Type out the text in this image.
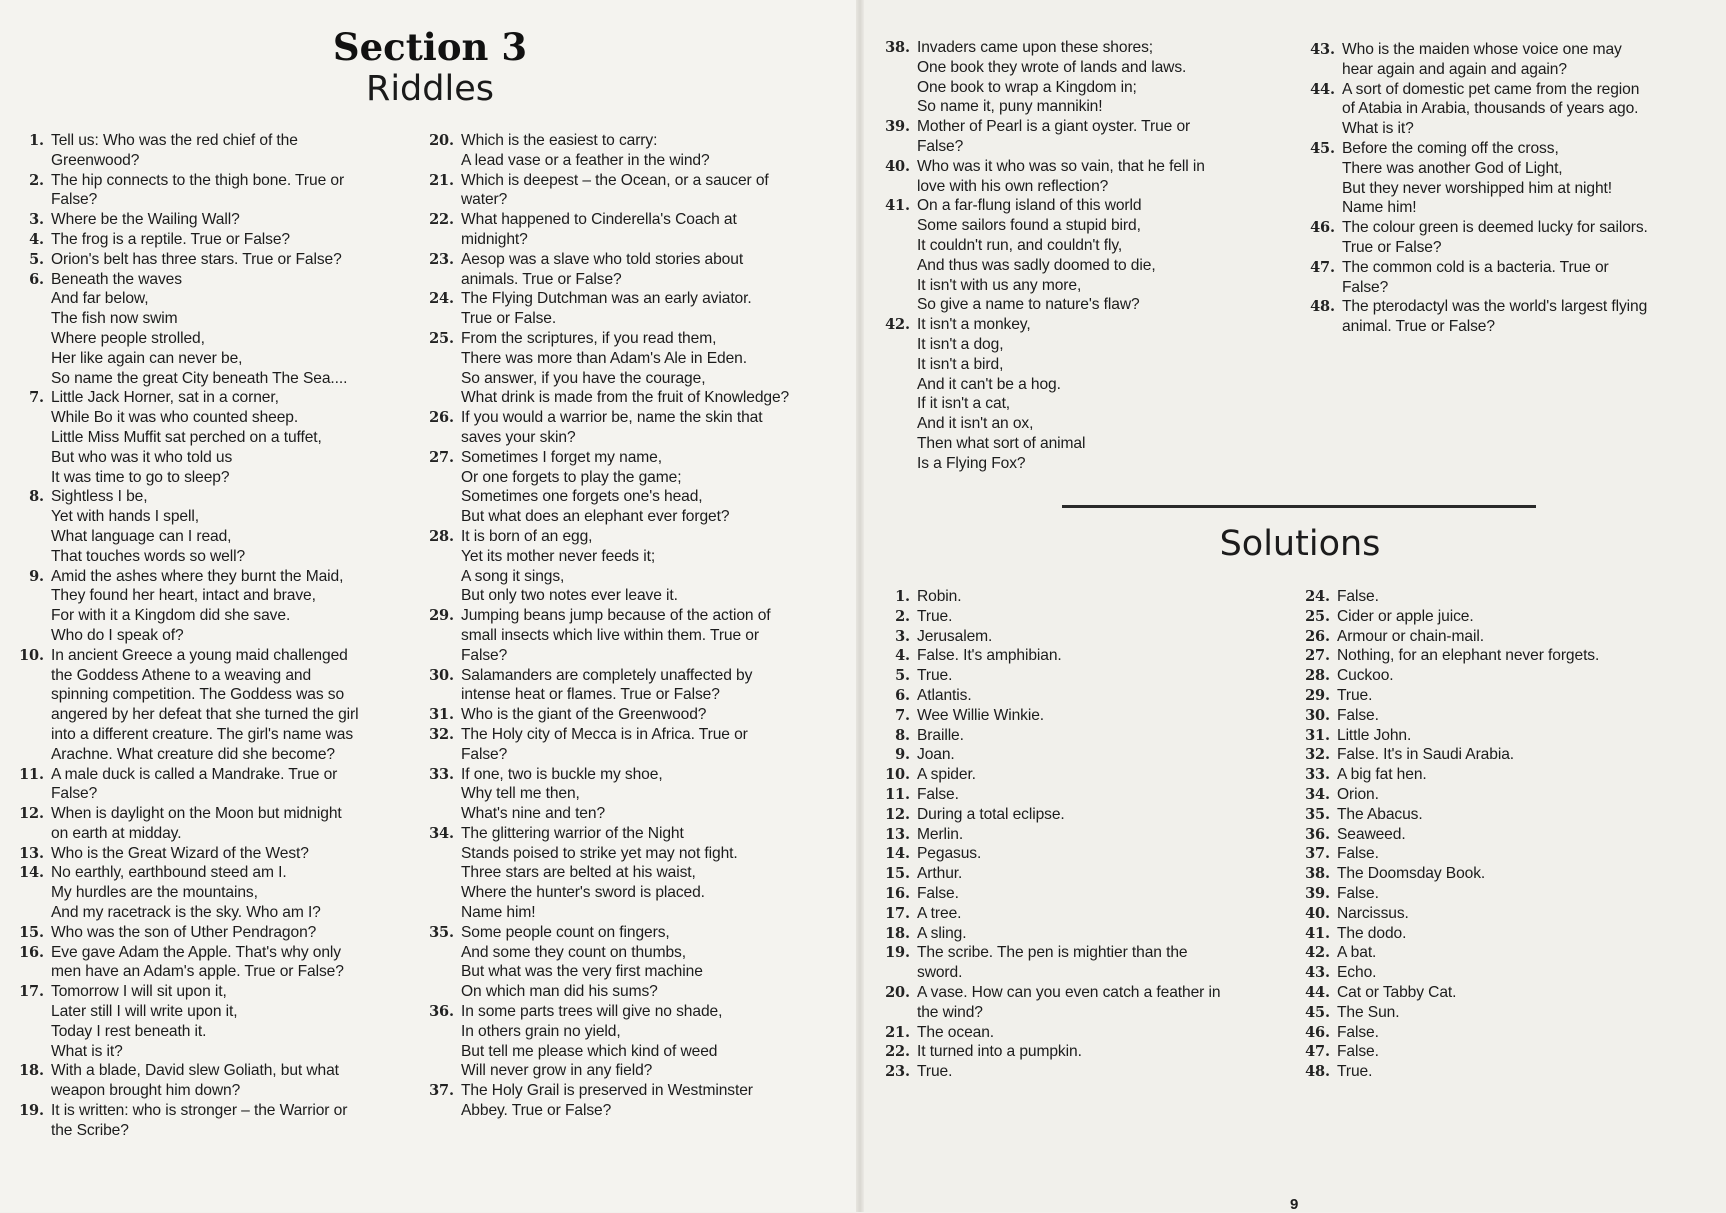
Section 3
Riddles
1. Tell us: Who was the red chief of the
Greenwood?
2. The hip connects to the thigh bone. True or
False?
3. Where be the Wailing Wall?
4. The frog is a reptile. True or False?
5. Orion's belt has three stars. True or False?
6. Beneath the waves
And far below,
The fish now swim
Where people strolled,
Her like again can never be,
So name the great City beneath The Sea....
7. Little Jack Horner, sat in a corner,
While Bo it was who counted sheep.
Little Miss Muffit sat perched on a tuffet,
But who was it who told us
It was time to go to sleep?
8. Sightless I be,
Yet with hands I spell,
What language can I read,
That touches words so well?
9. Amid the ashes where they burnt the Maid,
They found her heart, intact and brave,
For with it a Kingdom did she save.
Who do I speak of?
10. In ancient Greece a young maid challenged
the Goddess Athene to a weaving and
spinning competition. The Goddess was so
angered by her defeat that she turned the girl
into a different creature. The girl's name was
Arachne. What creature did she become?
11. A male duck is called a Mandrake. True or
False?
12. When is daylight on the Moon but midnight
on earth at midday.
13. Who is the Great Wizard of the West?
14. No earthly, earthbound steed am I.
My hurdles are the mountains,
And my racetrack is the sky. Who am I?
15. Who was the son of Uther Pendragon?
16. Eve gave Adam the Apple. That's why only
men have an Adam's apple. True or False?
17. Tomorrow I will sit upon it,
Later still I will write upon it,
Today I rest beneath it.
What is it?
18. With a blade, David slew Goliath, but what
weapon brought him down?
19. It is written: who is stronger – the Warrior or
the Scribe?
20. Which is the easiest to carry:
A lead vase or a feather in the wind?
21. Which is deepest – the Ocean, or a saucer of
water?
22. What happened to Cinderella's Coach at
midnight?
23. Aesop was a slave who told stories about
animals. True or False?
24. The Flying Dutchman was an early aviator.
True or False.
25. From the scriptures, if you read them,
There was more than Adam's Ale in Eden.
So answer, if you have the courage,
What drink is made from the fruit of Knowledge?
26. If you would a warrior be, name the skin that
saves your skin?
27. Sometimes I forget my name,
Or one forgets to play the game;
Sometimes one forgets one's head,
But what does an elephant ever forget?
28. It is born of an egg,
Yet its mother never feeds it;
A song it sings,
But only two notes ever leave it.
29. Jumping beans jump because of the action of
small insects which live within them. True or
False?
30. Salamanders are completely unaffected by
intense heat or flames. True or False?
31. Who is the giant of the Greenwood?
32. The Holy city of Mecca is in Africa. True or
False?
33. If one, two is buckle my shoe,
Why tell me then,
What's nine and ten?
34. The glittering warrior of the Night
Stands poised to strike yet may not fight.
Three stars are belted at his waist,
Where the hunter's sword is placed.
Name him!
35. Some people count on fingers,
And some they count on thumbs,
But what was the very first machine
On which man did his sums?
36. In some parts trees will give no shade,
In others grain no yield,
But tell me please which kind of weed
Will never grow in any field?
37. The Holy Grail is preserved in Westminster
Abbey. True or False?
38. Invaders came upon these shores;
One book they wrote of lands and laws.
One book to wrap a Kingdom in;
So name it, puny mannikin!
39. Mother of Pearl is a giant oyster. True or
False?
40. Who was it who was so vain, that he fell in
love with his own reflection?
41. On a far-flung island of this world
Some sailors found a stupid bird,
It couldn't run, and couldn't fly,
And thus was sadly doomed to die,
It isn't with us any more,
So give a name to nature's flaw?
42. It isn't a monkey,
It isn't a dog,
It isn't a bird,
And it can't be a hog.
If it isn't a cat,
And it isn't an ox,
Then what sort of animal
Is a Flying Fox?
43. Who is the maiden whose voice one may
hear again and again and again?
44. A sort of domestic pet came from the region
of Atabia in Arabia, thousands of years ago.
What is it?
45. Before the coming off the cross,
There was another God of Light,
But they never worshipped him at night!
Name him!
46. The colour green is deemed lucky for sailors.
True or False?
47. The common cold is a bacteria. True or
False?
48. The pterodactyl was the world's largest flying
animal. True or False?
Solutions
1. Robin.
2. True.
3. Jerusalem.
4. False. It's amphibian.
5. True.
6. Atlantis.
7. Wee Willie Winkie.
8. Braille.
9. Joan.
10. A spider.
11. False.
12. During a total eclipse.
13. Merlin.
14. Pegasus.
15. Arthur.
16. False.
17. A tree.
18. A sling.
19. The scribe. The pen is mightier than the
sword.
20. A vase. How can you even catch a feather in
the wind?
21. The ocean.
22. It turned into a pumpkin.
23. True.
24. False.
25. Cider or apple juice.
26. Armour or chain-mail.
27. Nothing, for an elephant never forgets.
28. Cuckoo.
29. True.
30. False.
31. Little John.
32. False. It's in Saudi Arabia.
33. A big fat hen.
34. Orion.
35. The Abacus.
36. Seaweed.
37. False.
38. The Doomsday Book.
39. False.
40. Narcissus.
41. The dodo.
42. A bat.
43. Echo.
44. Cat or Tabby Cat.
45. The Sun.
46. False.
47. False.
48. True.
9
